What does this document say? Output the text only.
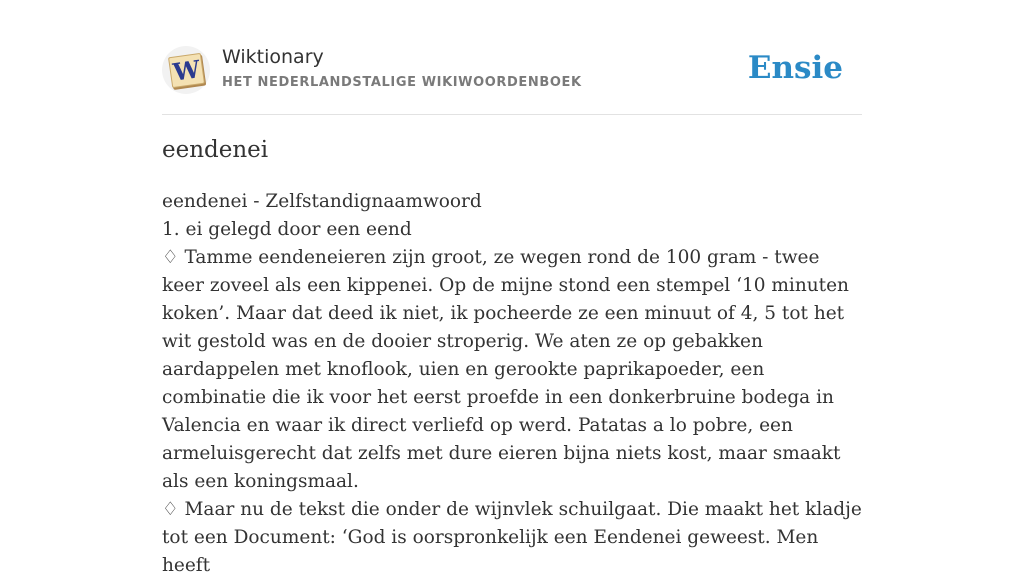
W Wiktionary
HET NEDERLANDSTALIGE WIKIWOORDENBOEK	Ensie
eendenei

eendenei - Zelfstandignaamwoord

1. ei gelegd door een eend

♢ Tamme eendeneieren zijn groot, ze wegen rond de 100 gram - twee keer zoveel als een kippenei. Op de mijne stond een stempel ‘10 minuten koken’. Maar dat deed ik niet, ik pocheerde ze een minuut of 4, 5 tot het wit gestold was en de dooier stroperig. We aten ze op gebakken aardappelen met knoflook, uien en gerookte paprikapoeder, een combinatie die ik voor het eerst proefde in een donkerbruine bodega in Valencia en waar ik direct verliefd op werd. Patatas a lo pobre, een armeluisgerecht dat zelfs met dure eieren bijna niets kost, maar smaakt als een koningsmaal.

♢ Maar nu de tekst die onder de wijnvlek schuilgaat. Die maakt het kladje tot een Document: ‘God is oorspronkelijk een Eendenei geweest. Men heeft
